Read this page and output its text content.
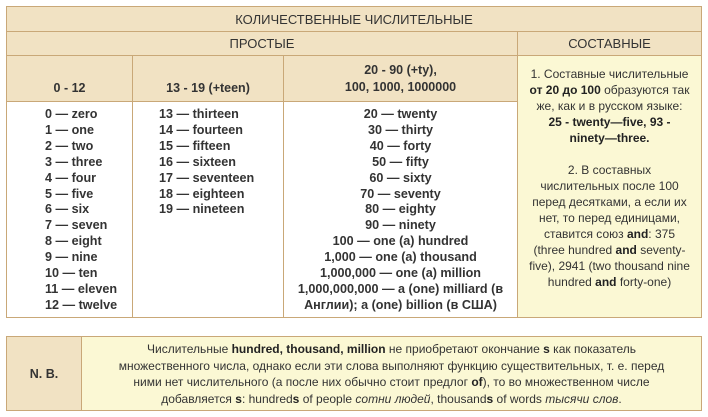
КОЛИЧЕСТВЕННЫЕ ЧИСЛИТЕЛЬНЫЕ
ПРОСТЫЕ	СОСТАВНЫЕ
0 - 12	13 - 19 (+teen)
20 - 90 (+ty),
100, 1000, 1000000
0 — zero
1 — one
2 — two
3 — three
4 — four
5 — five
6 — six
7 — seven
8 — eight
9 — nine
10 — ten
11 — eleven
12 — twelve
13 — thirteen
14 — fourteen
15 — fifteen
16 — sixteen
17 — seventeen
18 — eighteen
19 — nineteen
20 — twenty
30 — thirty
40 — forty
50 — fifty
60 — sixty
70 — seventy
80 — eighty
90 — ninety
100 — one (a) hundred
1,000 — one (a) thousand
1,000,000 — one (a) million
1,000,000,000 — a (one) milliard (в
Англии); a (one) billion (в США)
1. Составные числительные
от 20 до 100 образуются так
же, как и в русском языке:
25 - twenty—five, 93 -
ninety—three.
2. В составных
числительных после 100
перед десятками, а если их
нет, то перед единицами,
ставится союз and: 375
(three hundred and seventy-
five), 2941 (two thousand nine
hundred and forty-one)
N. B.
Числительные hundred, thousand, million не приобретают окончание s как показатель
множественного числа, однако если эти слова выполняют функцию существительных, т. е. перед
ними нет числительного (а после них обычно стоит предлог of), то во множественном числе
добавляется s: hundreds of people сотни людей, thousands of words тысячи слов.
